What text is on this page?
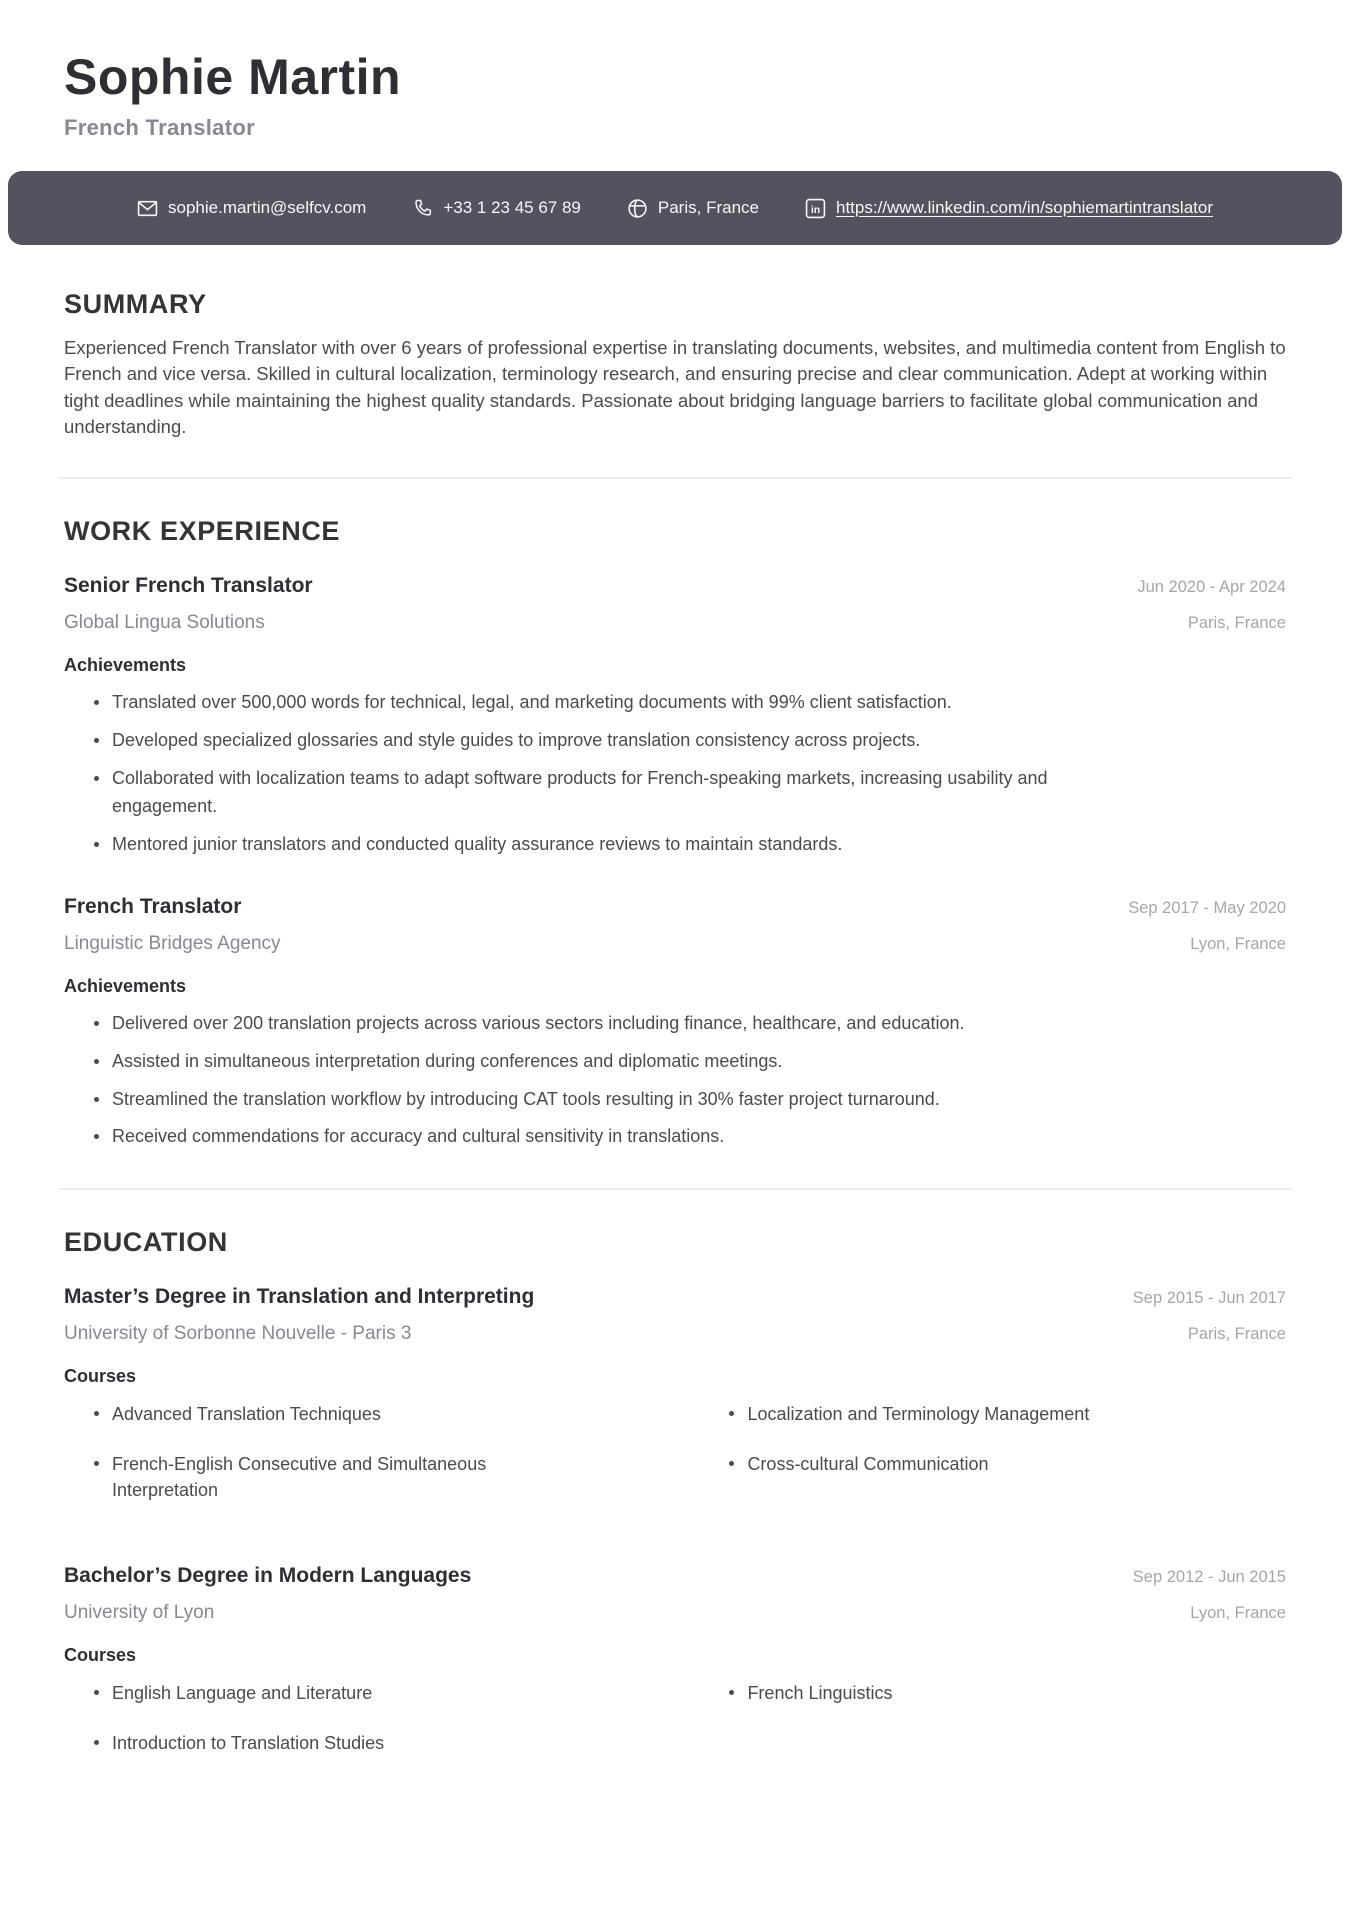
Sophie Martin
French Translator
sophie.martin@selfcv.com	+33 1 23 45 67 89	Paris, France	in https://www.linkedin.com/in/sophiemartintranslator
SUMMARY

Experienced French Translator with over 6 years of professional expertise in translating documents, websites, and multimedia content from English to French and vice versa. Skilled in cultural localization, terminology research, and ensuring precise and clear communication. Adept at working within tight deadlines while maintaining the highest quality standards. Passionate about bridging language barriers to facilitate global communication and understanding.

WORK EXPERIENCE
Senior French Translator	Jun 2020 - Apr 2024
Global Lingua Solutions	Paris, France
Achievements
Translated over 500,000 words for technical, legal, and marketing documents with 99% client satisfaction.
Developed specialized glossaries and style guides to improve translation consistency across projects.
Collaborated with localization teams to adapt software products for French-speaking markets, increasing usability and engagement.
Mentored junior translators and conducted quality assurance reviews to maintain standards.
French Translator	Sep 2017 - May 2020
Linguistic Bridges Agency	Lyon, France
Achievements
Delivered over 200 translation projects across various sectors including finance, healthcare, and education.
Assisted in simultaneous interpretation during conferences and diplomatic meetings.
Streamlined the translation workflow by introducing CAT tools resulting in 30% faster project turnaround.
Received commendations for accuracy and cultural sensitivity in translations.
EDUCATION
Master’s Degree in Translation and Interpreting	Sep 2015 - Jun 2017
University of Sorbonne Nouvelle - Paris 3	Paris, France
Courses
Advanced Translation Techniques
French-English Consecutive and Simultaneous Interpretation
Localization and Terminology Management
Cross-cultural Communication
Bachelor’s Degree in Modern Languages	Sep 2012 - Jun 2015
University of Lyon	Lyon, France
Courses
English Language and Literature
Introduction to Translation Studies
French Linguistics
